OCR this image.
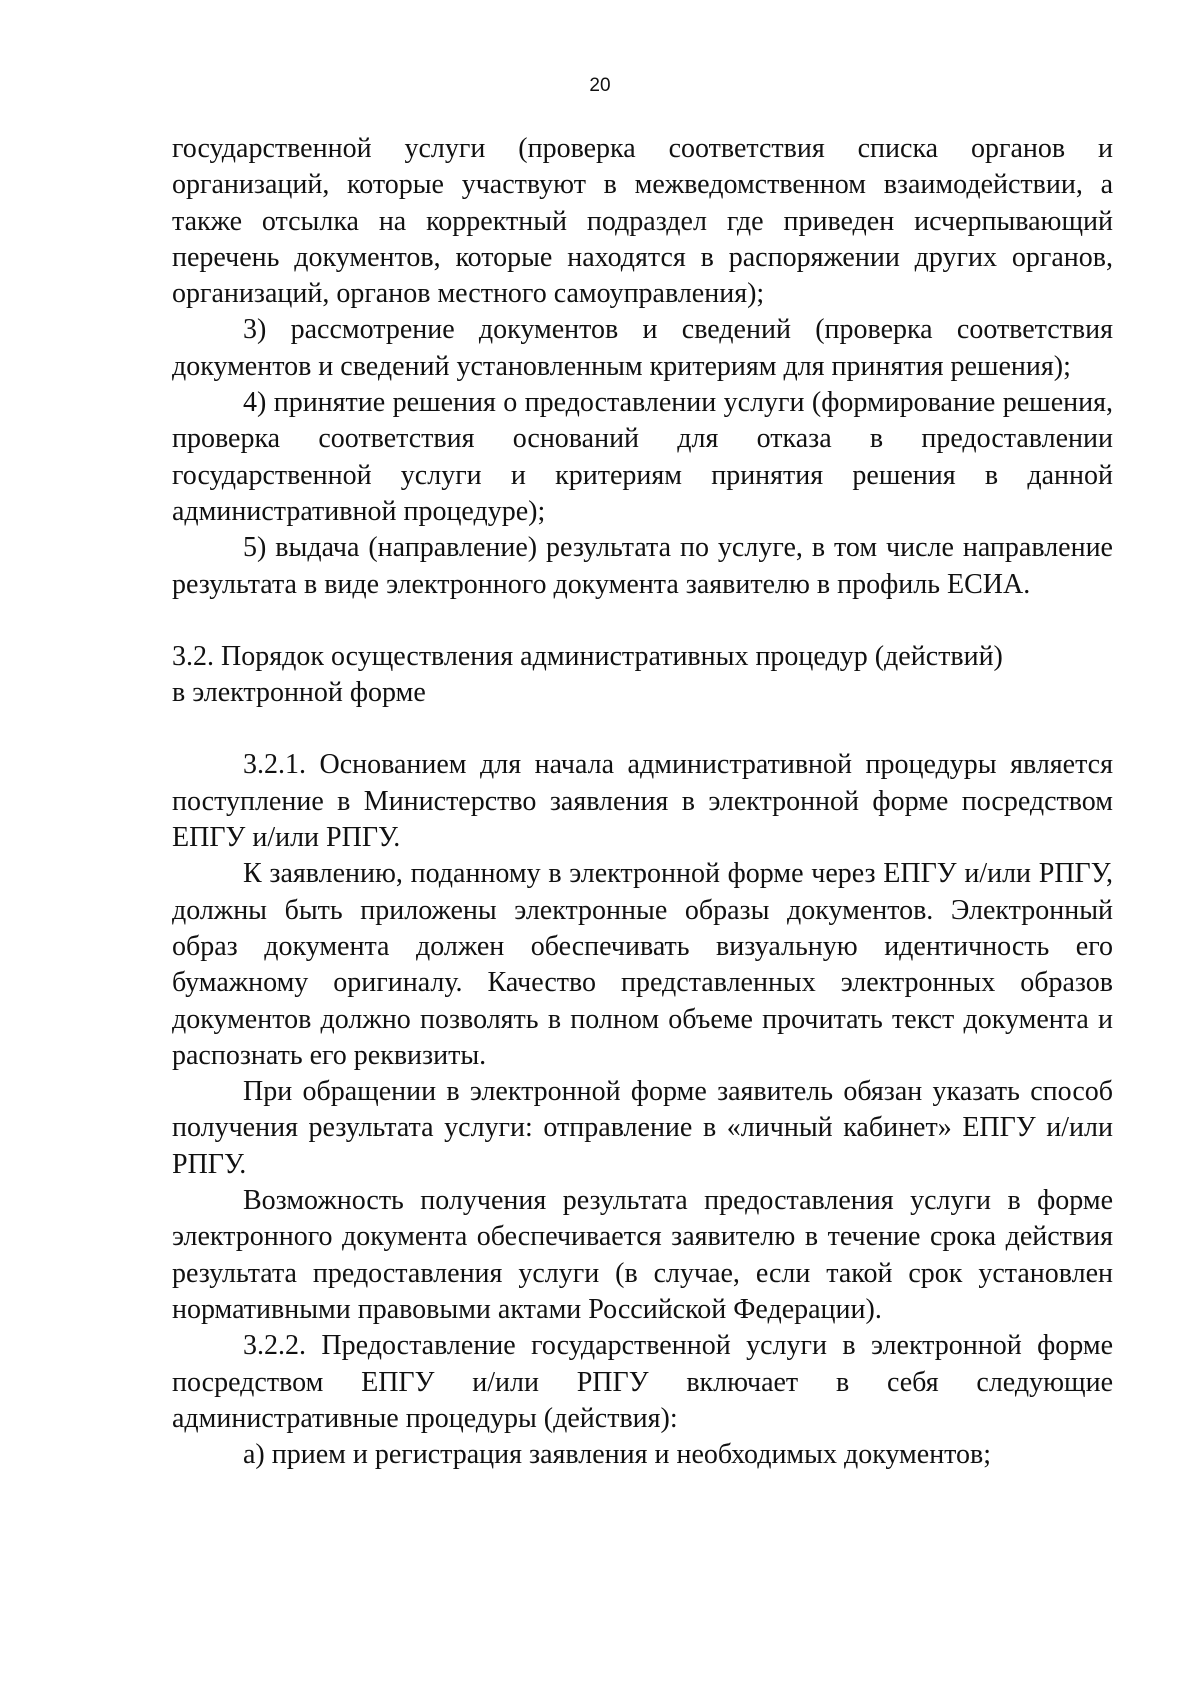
20

государственной услуги (проверка соответствия списка органов и организаций, которые участвуют в межведомственном взаимодействии, а также отсылка на корректный подраздел где приведен исчерпывающий перечень документов, которые находятся в распоряжении других органов, организаций, органов местного самоуправления);

3) рассмотрение документов и сведений (проверка соответствия документов и сведений установленным критериям для принятия решения);

4) принятие решения о предоставлении услуги (формирование решения, проверка соответствия оснований для отказа в предоставлении государственной услуги и критериям принятия решения в данной административной процедуре);

5) выдача (направление) результата по услуге, в том числе направление результата в виде электронного документа заявителю в профиль ЕСИА.

3.2. Порядок осуществления административных процедур (действий)
в электронной форме

3.2.1. Основанием для начала административной процедуры является поступление в Министерство заявления в электронной форме посредством ЕПГУ и/или РПГУ.

К заявлению, поданному в электронной форме через ЕПГУ и/или РПГУ, должны быть приложены электронные образы документов. Электронный образ документа должен обеспечивать визуальную идентичность его бумажному оригиналу. Качество представленных электронных образов документов должно позволять в полном объеме прочитать текст документа и распознать его реквизиты.

При обращении в электронной форме заявитель обязан указать способ получения результата услуги: отправление в «личный кабинет» ЕПГУ и/или РПГУ.

Возможность получения результата предоставления услуги в форме электронного документа обеспечивается заявителю в течение срока действия результата предоставления услуги (в случае, если такой срок установлен нормативными правовыми актами Российской Федерации).

3.2.2. Предоставление государственной услуги в электронной форме посредством ЕПГУ и/или РПГУ включает в себя следующие административные процедуры (действия):

а) прием и регистрация заявления и необходимых документов;
